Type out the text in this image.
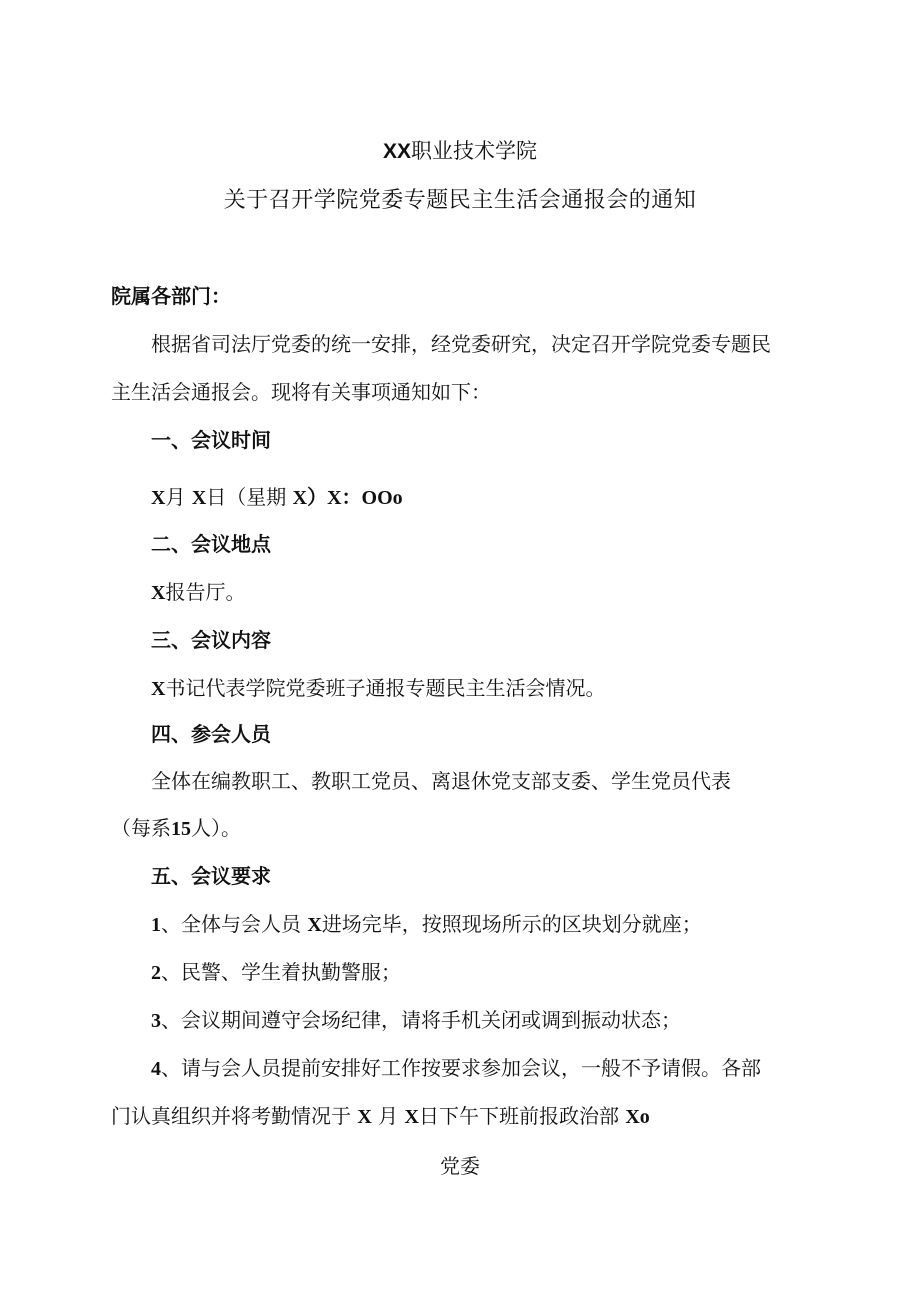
XX职业技术学院
关于召开学院党委专题民主生活会通报会的通知
院属各部门：
根据省司法厅党委的统一安排，经党委研究，决定召开学院党委专题民
主生活会通报会。现将有关事项通知如下：
一、会议时间
X月 X日（星期 X）X：OOo
二、会议地点
X报告厅。
三、会议内容
X书记代表学院党委班子通报专题民主生活会情况。
四、参会人员
全体在编教职工、教职工党员、离退休党支部支委、学生党员代表
（每系15人）。
五、会议要求
1、全体与会人员 X进场完毕，按照现场所示的区块划分就座；
2、民警、学生着执勤警服；
3、会议期间遵守会场纪律，请将手机关闭或调到振动状态；
4、请与会人员提前安排好工作按要求参加会议，一般不予请假。各部
门认真组织并将考勤情况于 X 月 X日下午下班前报政治部 Xo
党委
